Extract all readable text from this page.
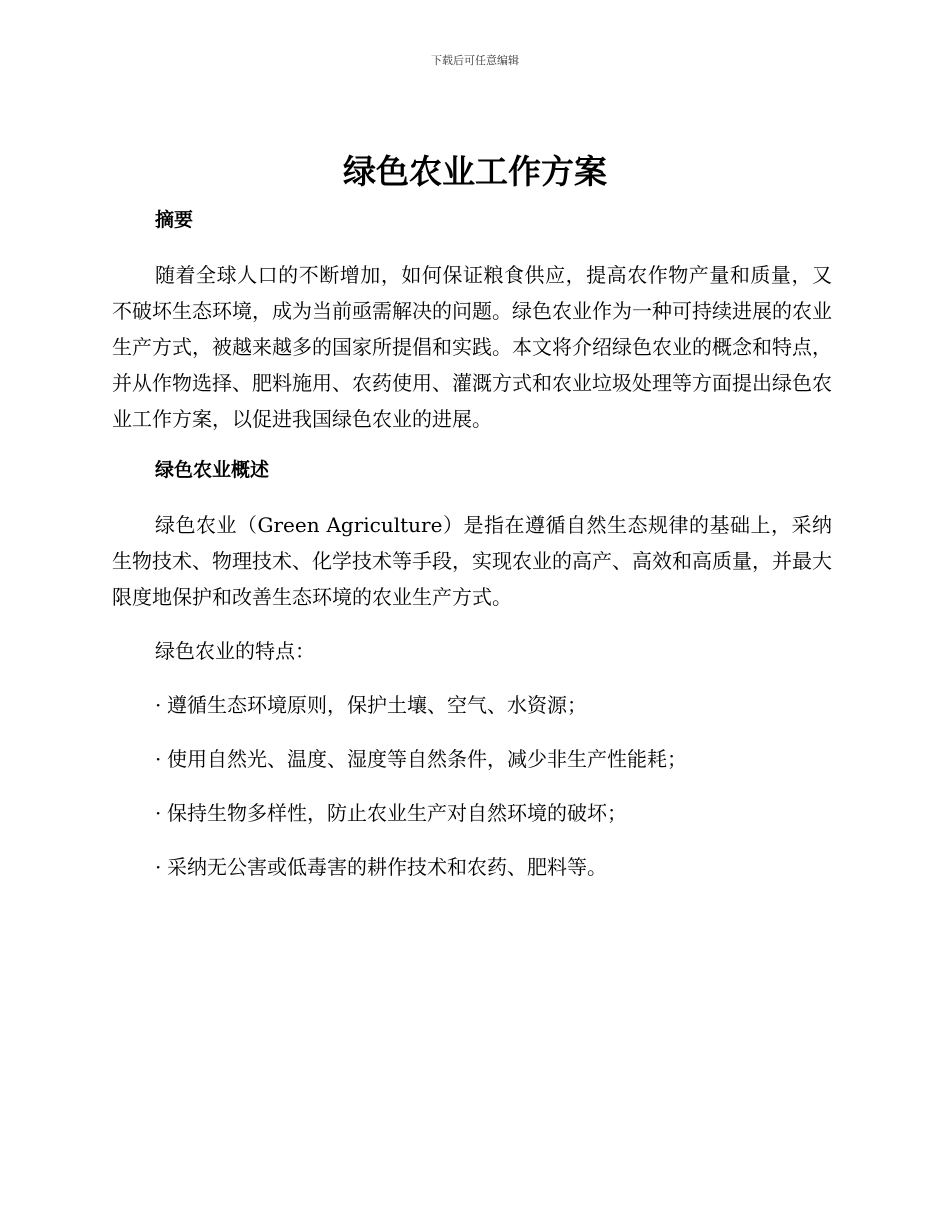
下载后可任意编辑
绿色农业工作方案
摘要

随着全球人口的不断增加，如何保证粮食供应，提高农作物产量和质量，又不破坏生态环境，成为当前亟需解决的问题。绿色农业作为一种可持续进展的农业生产方式，被越来越多的国家所提倡和实践。本文将介绍绿色农业的概念和特点，并从作物选择、肥料施用、农药使用、灌溉方式和农业垃圾处理等方面提出绿色农业工作方案，以促进我国绿色农业的进展。

绿色农业概述

绿色农业（Green Agriculture）是指在遵循自然生态规律的基础上，采纳生物技术、物理技术、化学技术等手段，实现农业的高产、高效和高质量，并最大限度地保护和改善生态环境的农业生产方式。

绿色农业的特点：

· 遵循生态环境原则，保护土壤、空气、水资源；
· 使用自然光、温度、湿度等自然条件，减少非生产性能耗；
· 保持生物多样性，防止农业生产对自然环境的破坏；
· 采纳无公害或低毒害的耕作技术和农药、肥料等。
